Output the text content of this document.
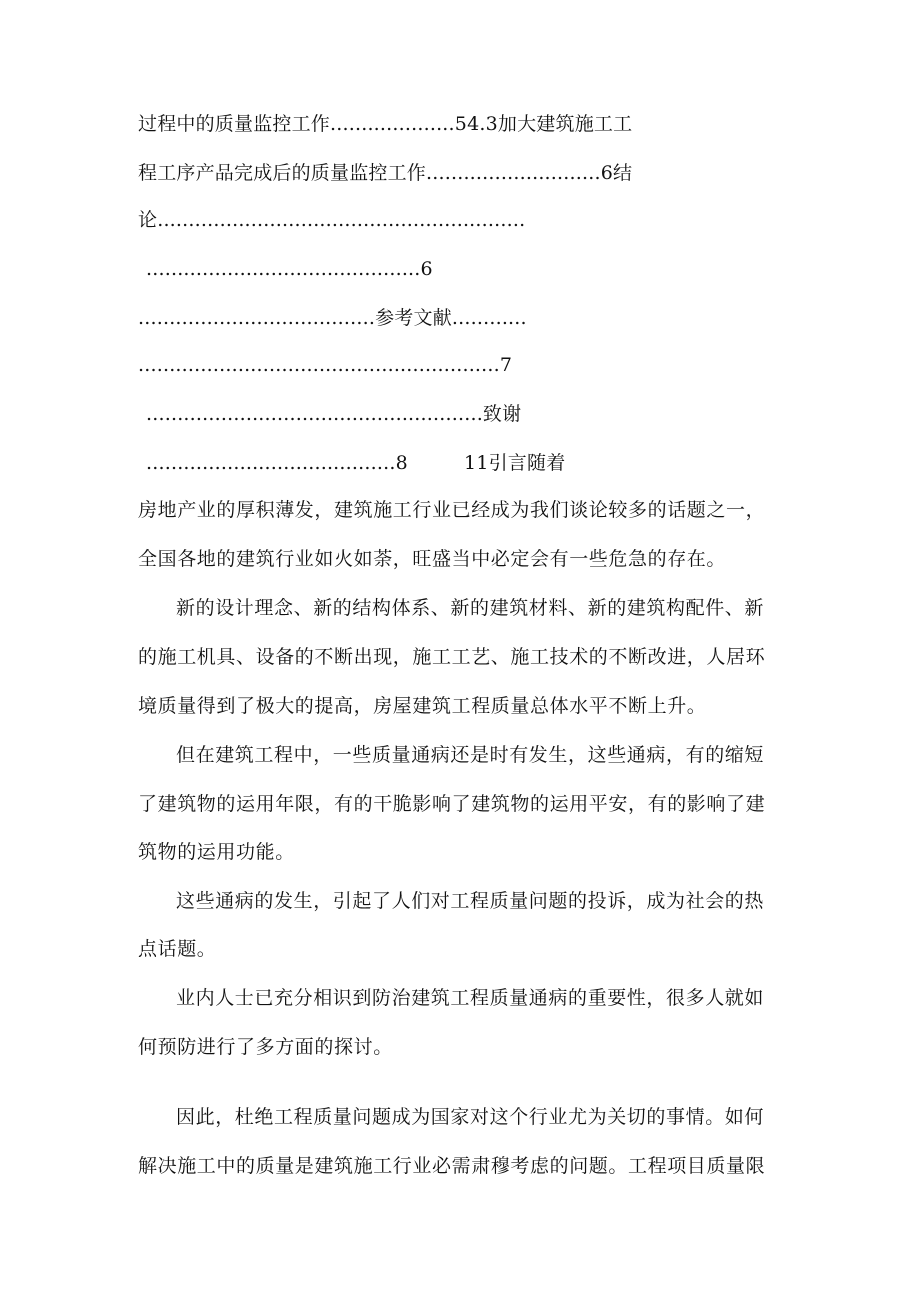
过程中的质量监控工作....................54.3加大建筑施工工

程工序产品完成后的质量监控工作............................6结

论...........................................................

............................................6

......................................参考文献............

..........................................................7

......................................................致谢

........................................8         11引言随着

房地产业的厚积薄发，建筑施工行业已经成为我们谈论较多的话题之一，

全国各地的建筑行业如火如荼，旺盛当中必定会有一些危急的存在。

新的设计理念、新的结构体系、新的建筑材料、新的建筑构配件、新

的施工机具、设备的不断出现，施工工艺、施工技术的不断改进，人居环

境质量得到了极大的提高，房屋建筑工程质量总体水平不断上升。

但在建筑工程中，一些质量通病还是时有发生，这些通病，有的缩短

了建筑物的运用年限，有的干脆影响了建筑物的运用平安，有的影响了建

筑物的运用功能。

这些通病的发生，引起了人们对工程质量问题的投诉，成为社会的热

点话题。

业内人士已充分相识到防治建筑工程质量通病的重要性，很多人就如

何预防进行了多方面的探讨。

因此，杜绝工程质量问题成为国家对这个行业尤为关切的事情。如何

解决施工中的质量是建筑施工行业必需肃穆考虑的问题。工程项目质量限
